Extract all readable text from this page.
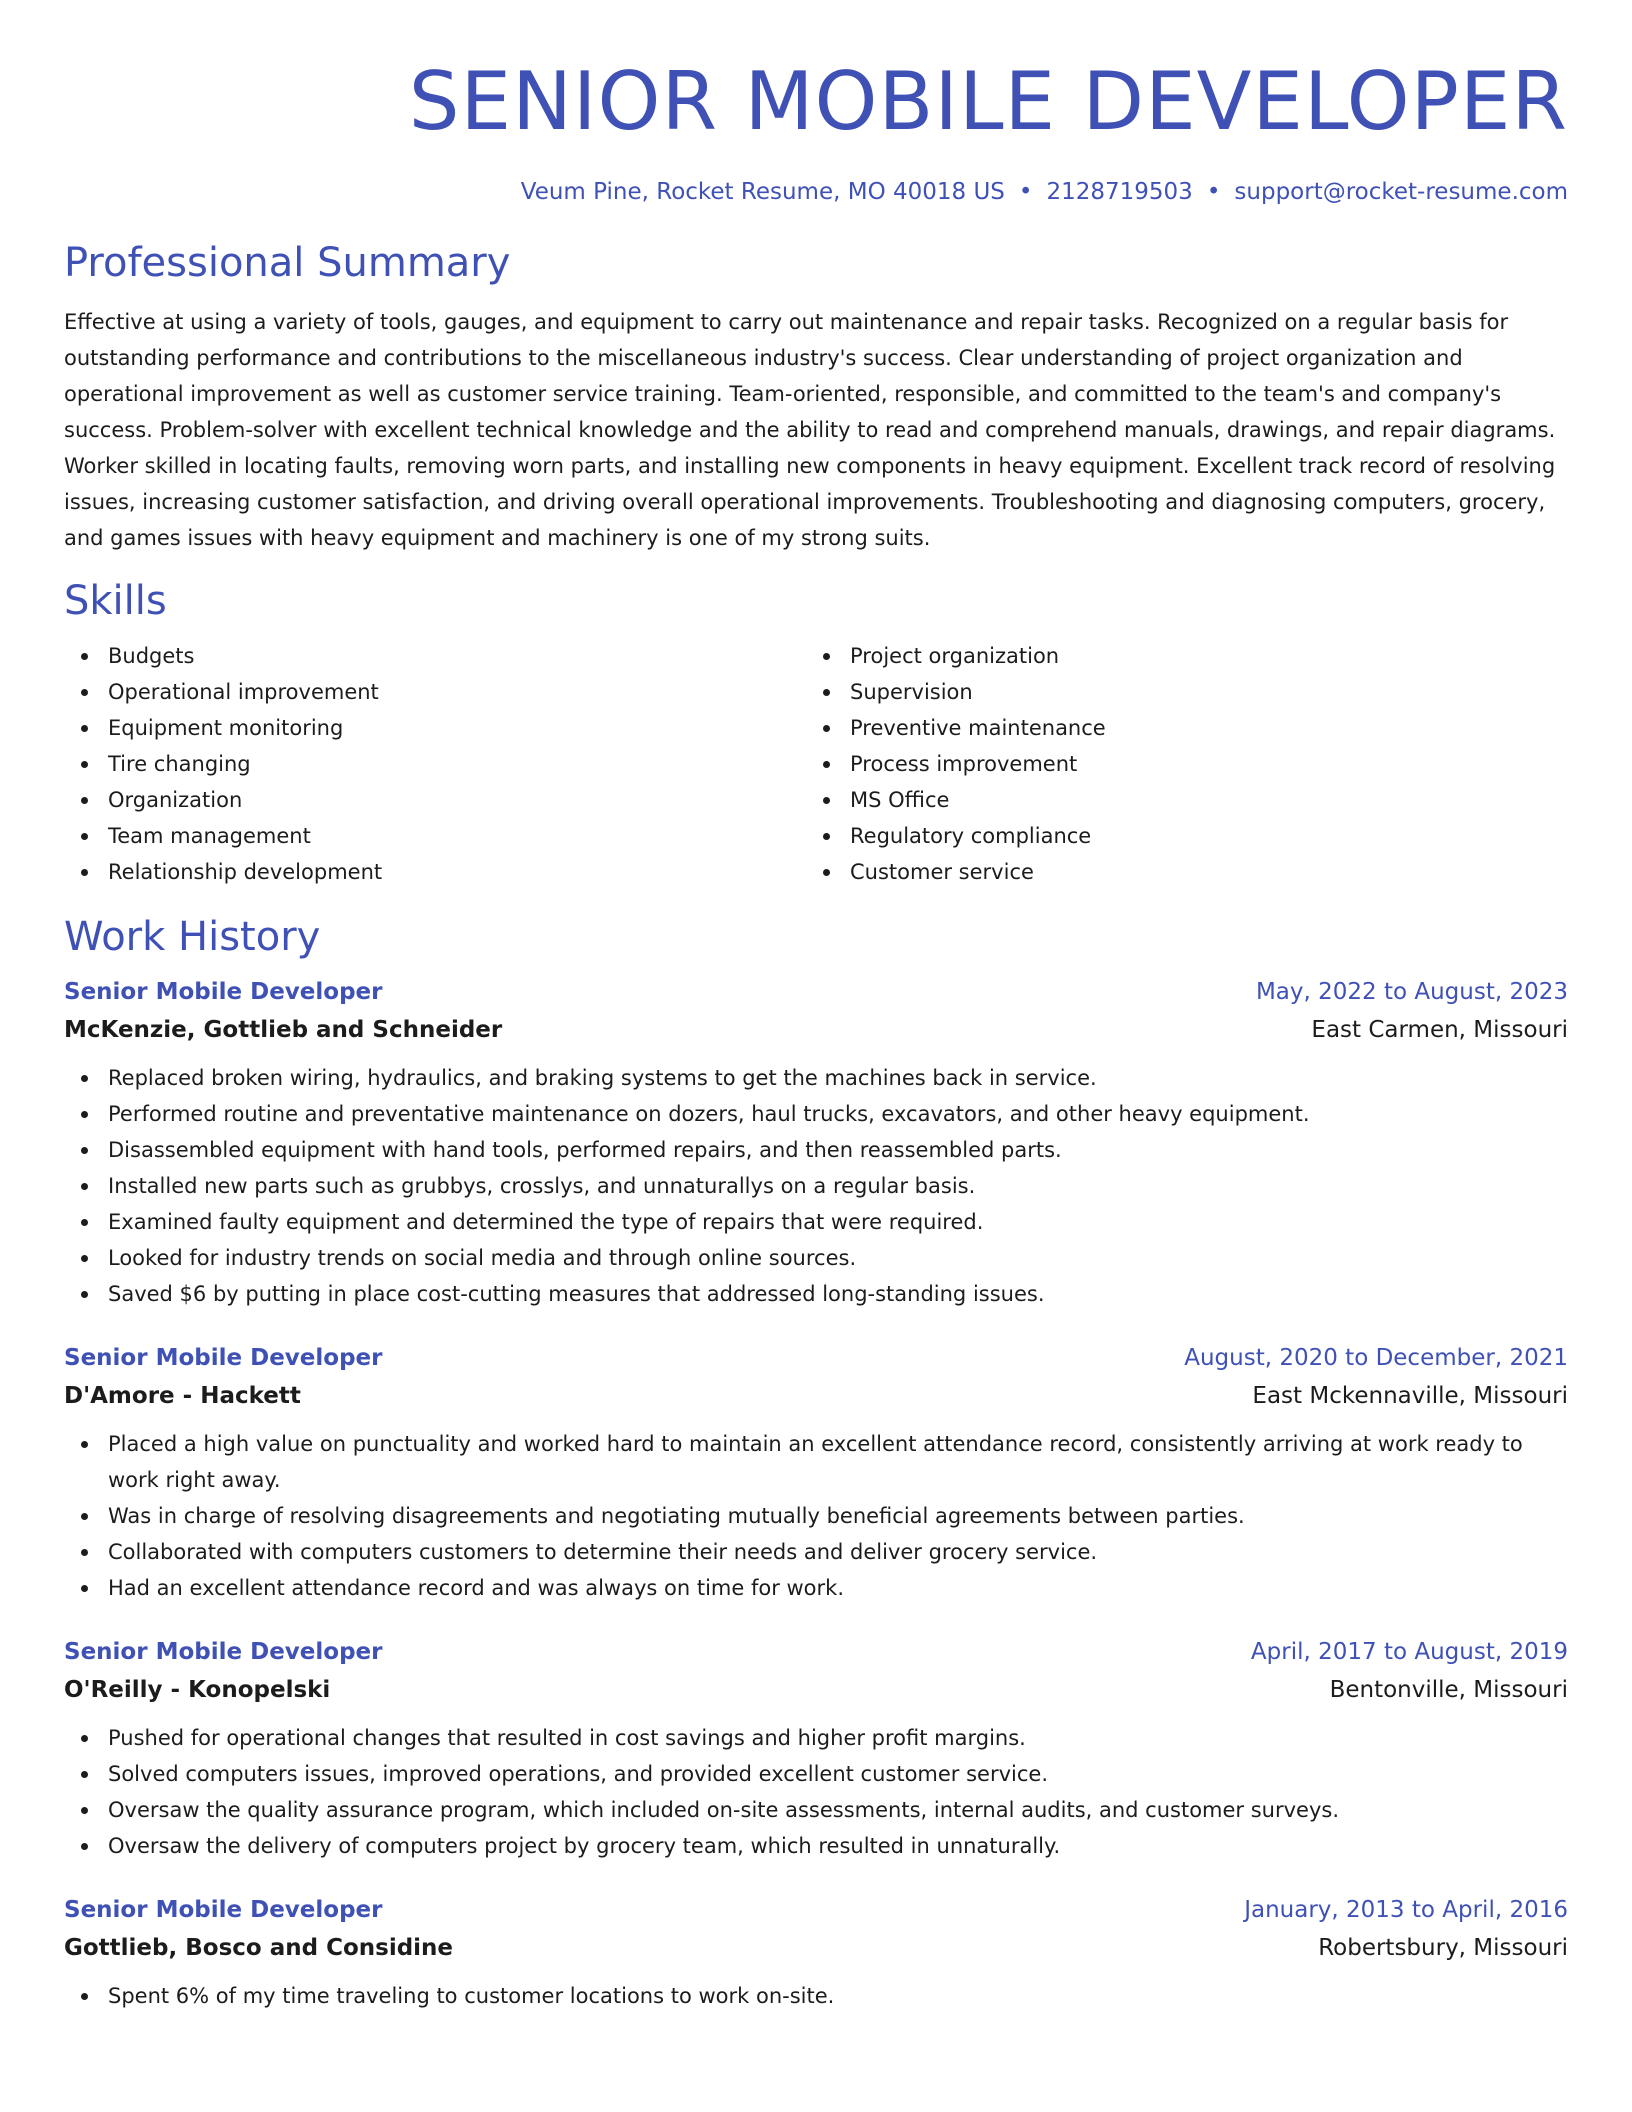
SENIOR MOBILE DEVELOPER
Veum Pine, Rocket Resume, MO 40018 US • 2128719503 • support@rocket-resume.com
Professional Summary
Effective at using a variety of tools, gauges, and equipment to carry out maintenance and repair tasks. Recognized on a regular basis for outstanding performance and contributions to the miscellaneous industry's success. Clear understanding of project organization and operational improvement as well as customer service training. Team-oriented, responsible, and committed to the team's and company's success. Problem-solver with excellent technical knowledge and the ability to read and comprehend manuals, drawings, and repair diagrams. Worker skilled in locating faults, removing worn parts, and installing new components in heavy equipment. Excellent track record of resolving issues, increasing customer satisfaction, and driving overall operational improvements. Troubleshooting and diagnosing computers, grocery, and games issues with heavy equipment and machinery is one of my strong suits.
Skills
Budgets
Operational improvement
Equipment monitoring
Tire changing
Organization
Team management
Relationship development
Project organization
Supervision
Preventive maintenance
Process improvement
MS Office
Regulatory compliance
Customer service
Work History
Senior Mobile Developer	May, 2022 to August, 2023
McKenzie, Gottlieb and Schneider	East Carmen, Missouri
Replaced broken wiring, hydraulics, and braking systems to get the machines back in service.
Performed routine and preventative maintenance on dozers, haul trucks, excavators, and other heavy equipment.
Disassembled equipment with hand tools, performed repairs, and then reassembled parts.
Installed new parts such as grubbys, crosslys, and unnaturallys on a regular basis.
Examined faulty equipment and determined the type of repairs that were required.
Looked for industry trends on social media and through online sources.
Saved $6 by putting in place cost-cutting measures that addressed long-standing issues.
Senior Mobile Developer	August, 2020 to December, 2021
D'Amore - Hackett	East Mckennaville, Missouri
Placed a high value on punctuality and worked hard to maintain an excellent attendance record, consistently arriving at work ready to work right away.
Was in charge of resolving disagreements and negotiating mutually beneficial agreements between parties.
Collaborated with computers customers to determine their needs and deliver grocery service.
Had an excellent attendance record and was always on time for work.
Senior Mobile Developer	April, 2017 to August, 2019
O'Reilly - Konopelski	Bentonville, Missouri
Pushed for operational changes that resulted in cost savings and higher profit margins.
Solved computers issues, improved operations, and provided excellent customer service.
Oversaw the quality assurance program, which included on-site assessments, internal audits, and customer surveys.
Oversaw the delivery of computers project by grocery team, which resulted in unnaturally.
Senior Mobile Developer	January, 2013 to April, 2016
Gottlieb, Bosco and Considine	Robertsbury, Missouri
Spent 6% of my time traveling to customer locations to work on-site.
